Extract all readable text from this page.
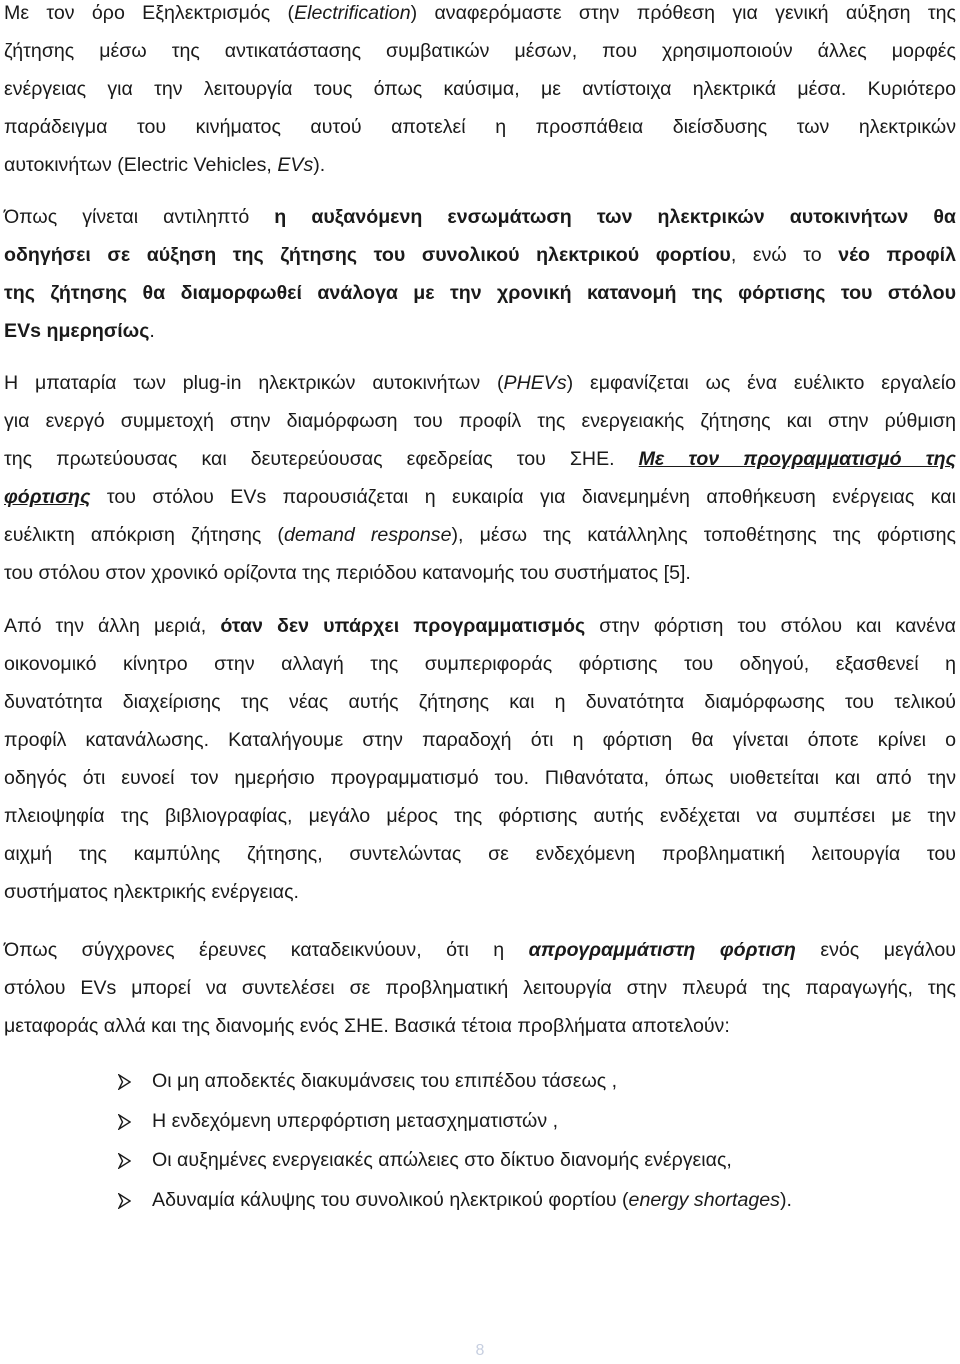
Με τον όρο Εξηλεκτρισμός (Electrification) αναφερόμαστε στην πρόθεση για γενική αύξηση της
ζήτησης μέσω της αντικατάστασης συμβατικών μέσων, που χρησιμοποιούν άλλες μορφές
ενέργειας για την λειτουργία τους όπως καύσιμα, με αντίστοιχα ηλεκτρικά μέσα. Κυριότερο
παράδειγμα του κινήματος αυτού αποτελεί η προσπάθεια διείσδυσης των ηλεκτρικών
αυτοκινήτων (Electric Vehicles, EVs).
Όπως γίνεται αντιληπτό η αυξανόμενη ενσωμάτωση των ηλεκτρικών αυτοκινήτων θα
οδηγήσει σε αύξηση της ζήτησης του συνολικού ηλεκτρικού φορτίου, ενώ το νέο προφίλ
της ζήτησης θα διαμορφωθεί ανάλογα με την χρονική κατανομή της φόρτισης του στόλου
EVs ημερησίως.
Η μπαταρία των plug-in ηλεκτρικών αυτοκινήτων (PHEVs) εμφανίζεται ως ένα ευέλικτο εργαλείο
για ενεργό συμμετοχή στην διαμόρφωση του προφίλ της ενεργειακής ζήτησης και στην ρύθμιση
της πρωτεύουσας και δευτερεύουσας εφεδρείας του ΣΗΕ. Με τον προγραμματισμό της
φόρτισης του στόλου EVs παρουσιάζεται η ευκαιρία για διανεμημένη αποθήκευση ενέργειας και
ευέλικτη απόκριση ζήτησης (demand response), μέσω της κατάλληλης τοποθέτησης της φόρτισης
του στόλου στον χρονικό ορίζοντα της περιόδου κατανομής του συστήματος [5].
Από την άλλη μεριά, όταν δεν υπάρχει προγραμματισμός στην φόρτιση του στόλου και κανένα
οικονομικό κίνητρο στην αλλαγή της συμπεριφοράς φόρτισης του οδηγού, εξασθενεί η
δυνατότητα διαχείρισης της νέας αυτής ζήτησης και η δυνατότητα διαμόρφωσης του τελικού
προφίλ κατανάλωσης. Καταλήγουμε στην παραδοχή ότι η φόρτιση θα γίνεται όποτε κρίνει ο
οδηγός ότι ευνοεί τον ημερήσιο προγραμματισμό του. Πιθανότατα, όπως υιοθετείται και από την
πλειοψηφία της βιβλιογραφίας, μεγάλο μέρος της φόρτισης αυτής ενδέχεται να συμπέσει με την
αιχμή της καμπύλης ζήτησης, συντελώντας σε ενδεχόμενη προβληματική λειτουργία του
συστήματος ηλεκτρικής ενέργειας.
Όπως σύγχρονες έρευνες καταδεικνύουν, ότι η απρογραμμάτιστη φόρτιση ενός μεγάλου
στόλου EVs μπορεί να συντελέσει σε προβληματική λειτουργία στην πλευρά της παραγωγής, της
μεταφοράς αλλά και της διανομής ενός ΣΗΕ. Βασικά τέτοια προβλήματα αποτελούν:
Οι μη αποδεκτές διακυμάνσεις του επιπέδου τάσεως ,
Η ενδεχόμενη υπερφόρτιση μετασχηματιστών ,
Οι αυξημένες ενεργειακές απώλειες στο δίκτυο διανομής ενέργειας,
Αδυναμία κάλυψης του συνολικού ηλεκτρικού φορτίου (energy shortages).
8
